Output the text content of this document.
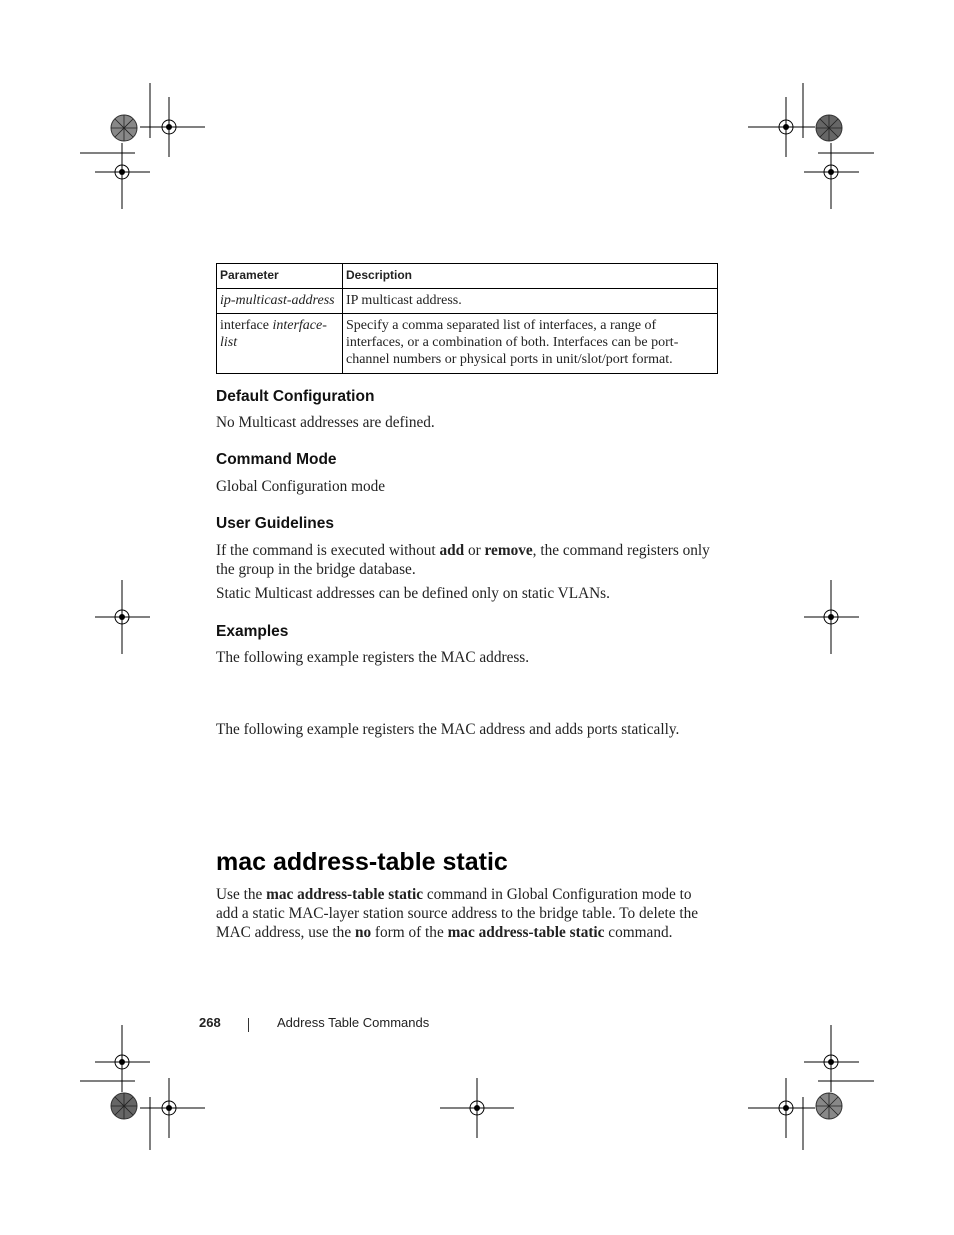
Parameter	Description
ip-multicast-address	IP multicast address.
interface interface-list	Specify a comma separated list of interfaces, a range of interfaces, or a combination of both. Interfaces can be port-channel numbers or physical ports in unit/slot/port format.
Default Configuration
No Multicast addresses are defined.
Command Mode
Global Configuration mode
User Guidelines
If the command is executed without add or remove, the command registers only the group in the bridge database.
Static Multicast addresses can be defined only on static VLANs.
Examples
The following example registers the MAC address.
The following example registers the MAC address and adds ports statically.
mac address-table static
Use the mac address-table static command in Global Configuration mode to add a static MAC-layer station source address to the bridge table. To delete the MAC address, use the no form of the mac address-table static command.
268	Address Table Commands
